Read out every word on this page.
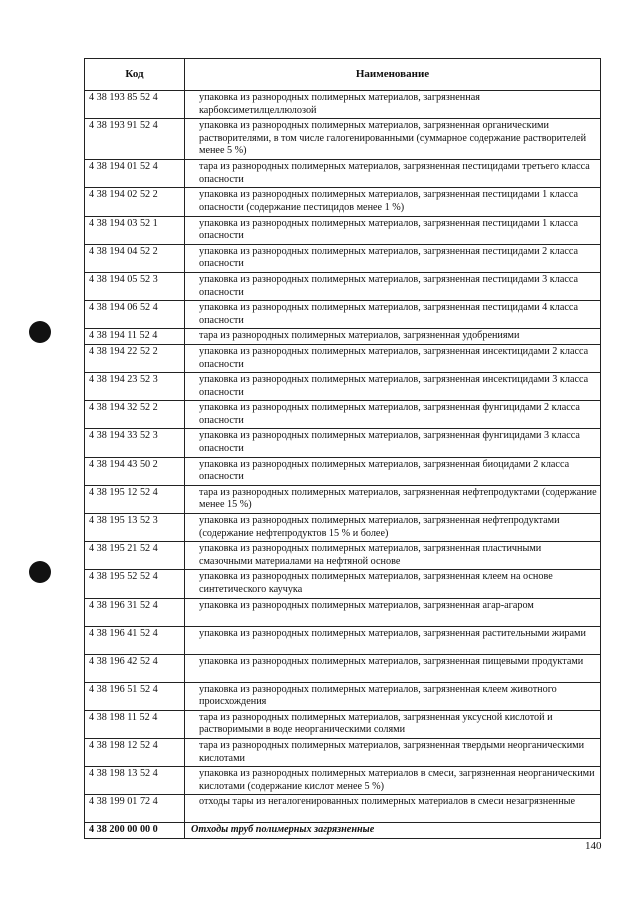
Код	Наименование
4 38 193 85 52 4	упаковка из разнородных полимерных материалов, загрязненная карбоксиметилцеллюлозой
4 38 193 91 52 4	упаковка из разнородных полимерных материалов, загрязненная органическими растворителями, в том числе галогенированными (суммарное содержание растворителей менее 5 %)
4 38 194 01 52 4	тара из разнородных полимерных материалов, загрязненная пестицидами третьего класса опасности
4 38 194 02 52 2	упаковка из разнородных полимерных материалов, загрязненная пестицидами 1 класса опасности (содержание пестицидов менее 1 %)
4 38 194 03 52 1	упаковка из разнородных полимерных материалов, загрязненная пестицидами 1 класса опасности
4 38 194 04 52 2	упаковка из разнородных полимерных материалов, загрязненная пестицидами 2 класса опасности
4 38 194 05 52 3	упаковка из разнородных полимерных материалов, загрязненная пестицидами 3 класса опасности
4 38 194 06 52 4	упаковка из разнородных полимерных материалов, загрязненная пестицидами 4 класса опасности
4 38 194 11 52 4	тара из разнородных полимерных материалов, загрязненная удобрениями
4 38 194 22 52 2	упаковка из разнородных полимерных материалов, загрязненная инсектицидами 2 класса опасности
4 38 194 23 52 3	упаковка из разнородных полимерных материалов, загрязненная инсектицидами 3 класса опасности
4 38 194 32 52 2	упаковка из разнородных полимерных материалов, загрязненная фунгицидами 2 класса опасности
4 38 194 33 52 3	упаковка из разнородных полимерных материалов, загрязненная фунгицидами 3 класса опасности
4 38 194 43 50 2	упаковка из разнородных полимерных материалов, загрязненная биоцидами 2 класса опасности
4 38 195 12 52 4	тара из разнородных полимерных материалов, загрязненная нефтепродуктами (содержание менее 15 %)
4 38 195 13 52 3	упаковка из разнородных полимерных материалов, загрязненная нефтепродуктами (содержание нефтепродуктов 15 % и более)
4 38 195 21 52 4	упаковка из разнородных полимерных материалов, загрязненная пластичными смазочными материалами на нефтяной основе
4 38 195 52 52 4	упаковка из разнородных полимерных материалов, загрязненная клеем на основе синтетического каучука
4 38 196 31 52 4	упаковка из разнородных полимерных материалов, загрязненная агар-агаром
4 38 196 41 52 4	упаковка из разнородных полимерных материалов, загрязненная растительными жирами
4 38 196 42 52 4	упаковка из разнородных полимерных материалов, загрязненная пищевыми продуктами
4 38 196 51 52 4	упаковка из разнородных полимерных материалов, загрязненная клеем животного происхождения
4 38 198 11 52 4	тара из разнородных полимерных материалов, загрязненная уксусной кислотой и растворимыми в воде неорганическими солями
4 38 198 12 52 4	тара из разнородных полимерных материалов, загрязненная твердыми неорганическими кислотами
4 38 198 13 52 4	упаковка из разнородных полимерных материалов в смеси, загрязненная неорганическими кислотами (содержание кислот менее 5 %)
4 38 199 01 72 4	отходы тары из негалогенированных полимерных материалов в смеси незагрязненные
4 38 200 00 00 0	Отходы труб полимерных загрязненные
140
